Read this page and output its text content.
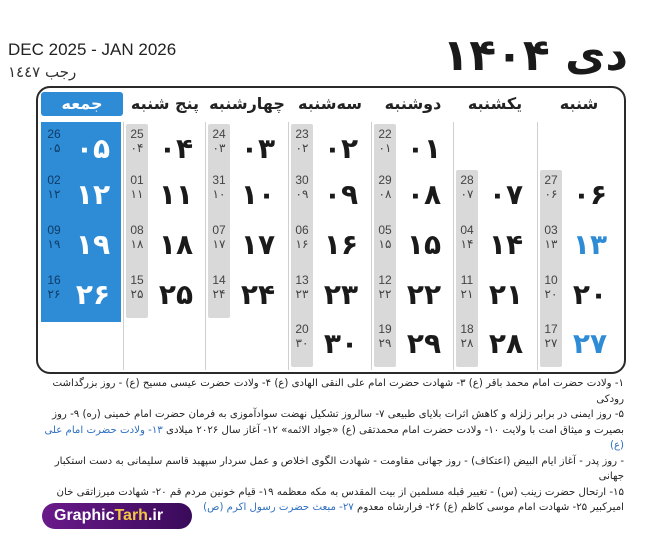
DEC 2025 - JAN 2026
رجب ١٤٤٧	دی ۱۴۰۴
شنبه
یکشنبه
دوشنبه
سه‌شنبه
چهارشنبه
پنج شنبه
جمعه
۰۱
22
۰۱
۰۲
23
۰۲
۰۳
24
۰۳
۰۴
25
۰۴
۰۵
26
۰۵
۰۶
27
۰۶
۰۷
28
۰۷
۰۸
29
۰۸
۰۹
30
۰۹
۱۰
31
۱۰
۱۱
01
۱۱
۱۲
02
۱۲
۱۳
03
۱۳
۱۴
04
۱۴
۱۵
05
۱۵
۱۶
06
۱۶
۱۷
07
۱۷
۱۸
08
۱۸
۱۹
09
۱۹
۲۰
10
۲۰
۲۱
11
۲۱
۲۲
12
۲۲
۲۳
13
۲۳
۲۴
14
۲۴
۲۵
15
۲۵
۲۶
16
۲۶
۲۷
17
۲۷
۲۸
18
۲۸
۲۹
19
۲۹
۳۰
20
۳۰
۱- ولادت حضرت امام محمد باقر (ع) ۳- شهادت حضرت امام علی النقی الهادی (ع) ۴- ولادت حضرت عیسی مسیح (ع) - روز بزرگداشت رودکی
۵- روز ایمنی در برابر زلزله و کاهش اثرات بلایای طبیعی ۷- سالروز تشکیل نهضت سوادآموزی به فرمان حضرت امام خمینی (ره) ۹- روز
بصیرت و میثاق امت با ولایت ۱۰- ولادت حضرت امام محمدتقی (ع) «جواد الائمه» ۱۲- آغاز سال ۲۰۲۶ میلادی ۱۳- ولادت حضرت امام علی (ع)
- روز پدر - آغاز ایام البیض (اعتکاف) - روز جهانی مقاومت - شهادت الگوی اخلاص و عمل سردار سپهبد قاسم سلیمانی به دست استکبار جهانی
۱۵- ارتحال حضرت زینب (س) - تغییر قبله مسلمین از بیت المقدس به مکه معظمه ۱۹- قیام خونین مردم قم ۲۰- شهادت میرزاتقی خان
امیرکبیر ۲۵- شهادت امام موسی کاظم (ع) ۲۶- فرارشاه معدوم ۲۷- مبعث حضرت رسول اکرم (ص)
GraphicTarh.ir
